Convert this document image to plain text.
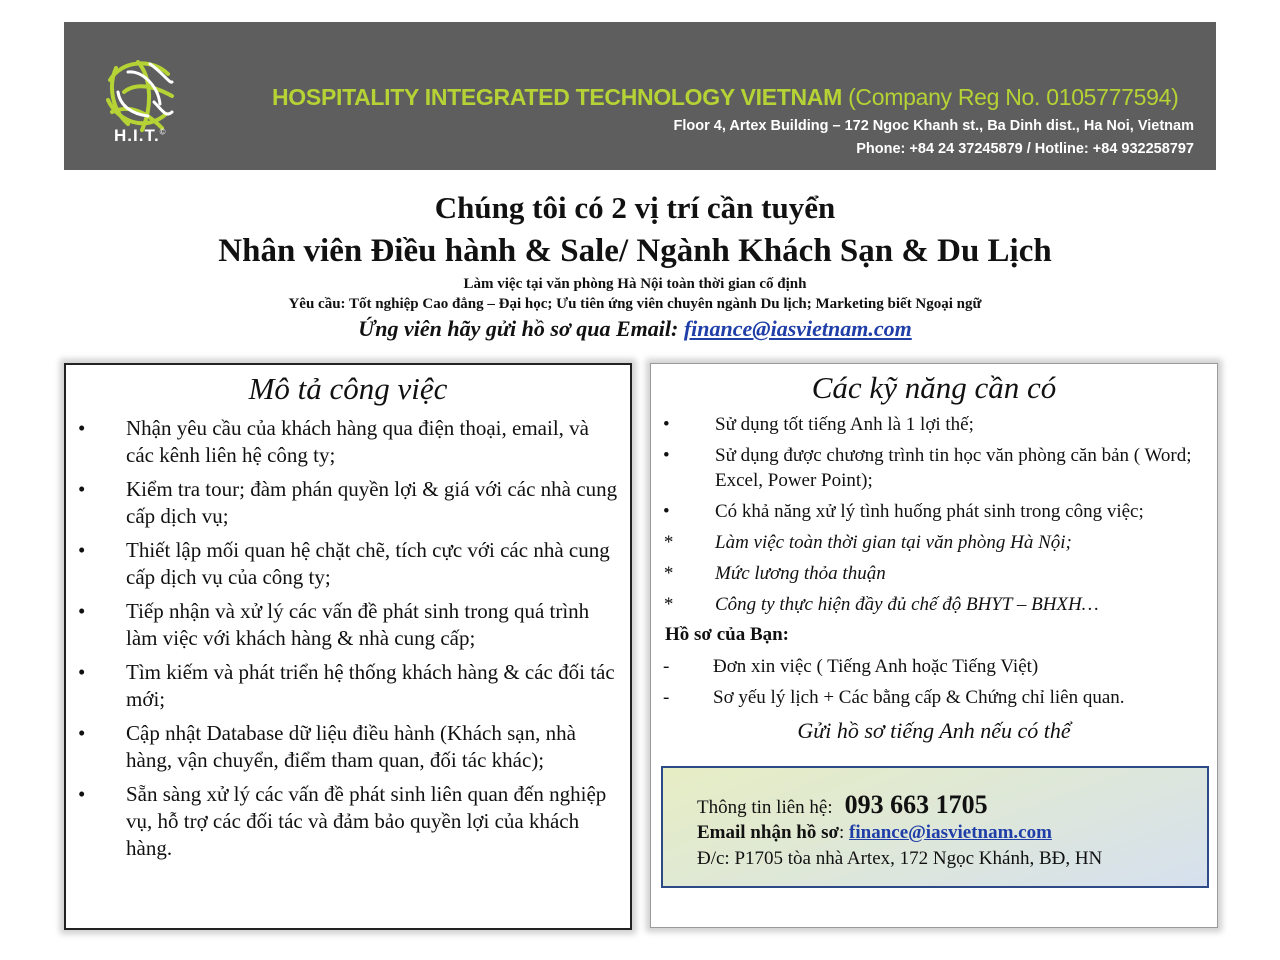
H.I.T.©
HOSPITALITY INTEGRATED TECHNOLOGY VIETNAM (Company Reg No. 0105777594)
Floor 4, Artex Building – 172 Ngoc Khanh st., Ba Dinh dist., Ha Noi, Vietnam
Phone: +84 24 37245879 / Hotline: +84 932258797
Chúng tôi có 2 vị trí cần tuyển
Nhân viên Điều hành & Sale/ Ngành Khách Sạn & Du Lịch
Làm việc tại văn phòng Hà Nội toàn thời gian cố định
Yêu cầu: Tốt nghiệp Cao đẳng – Đại học; Ưu tiên ứng viên chuyên ngành Du lịch; Marketing biết Ngoại ngữ
Ứng viên hãy gửi hồ sơ qua Email: finance@iasvietnam.com
Mô tả công việc
• Nhận yêu cầu của khách hàng qua điện thoại, email, và các kênh liên hệ công ty;
• Kiểm tra tour; đàm phán quyền lợi & giá với các nhà cung cấp dịch vụ;
• Thiết lập mối quan hệ chặt chẽ, tích cực với các nhà cung cấp dịch vụ của công ty;
• Tiếp nhận và xử lý các vấn đề phát sinh trong quá trình làm việc với khách hàng & nhà cung cấp;
• Tìm kiếm và phát triển hệ thống khách hàng & các đối tác mới;
• Cập nhật Database dữ liệu điều hành (Khách sạn, nhà hàng, vận chuyển, điểm tham quan, đối tác khác);
• Sẵn sàng xử lý các vấn đề phát sinh liên quan đến nghiệp vụ, hỗ trợ các đối tác và đảm bảo quyền lợi của khách hàng.
Các kỹ năng cần có
• Sử dụng tốt tiếng Anh là 1 lợi thế;
• Sử dụng được chương trình tin học văn phòng căn bản ( Word; Excel, Power Point);
• Có khả năng xử lý tình huống phát sinh trong công việc;
* Làm việc toàn thời gian tại văn phòng Hà Nội;
* Mức lương thỏa thuận
* Công ty thực hiện đầy đủ chế độ BHYT – BHXH…
Hồ sơ của Bạn:
- Đơn xin việc ( Tiếng Anh hoặc Tiếng Việt)
- Sơ yếu lý lịch + Các bằng cấp & Chứng chỉ liên quan.
Gửi hồ sơ tiếng Anh nếu có thể
Thông tin liên hệ: 093 663 1705
Email nhận hồ sơ: finance@iasvietnam.com
Đ/c: P1705 tòa nhà Artex, 172 Ngọc Khánh, BĐ, HN
